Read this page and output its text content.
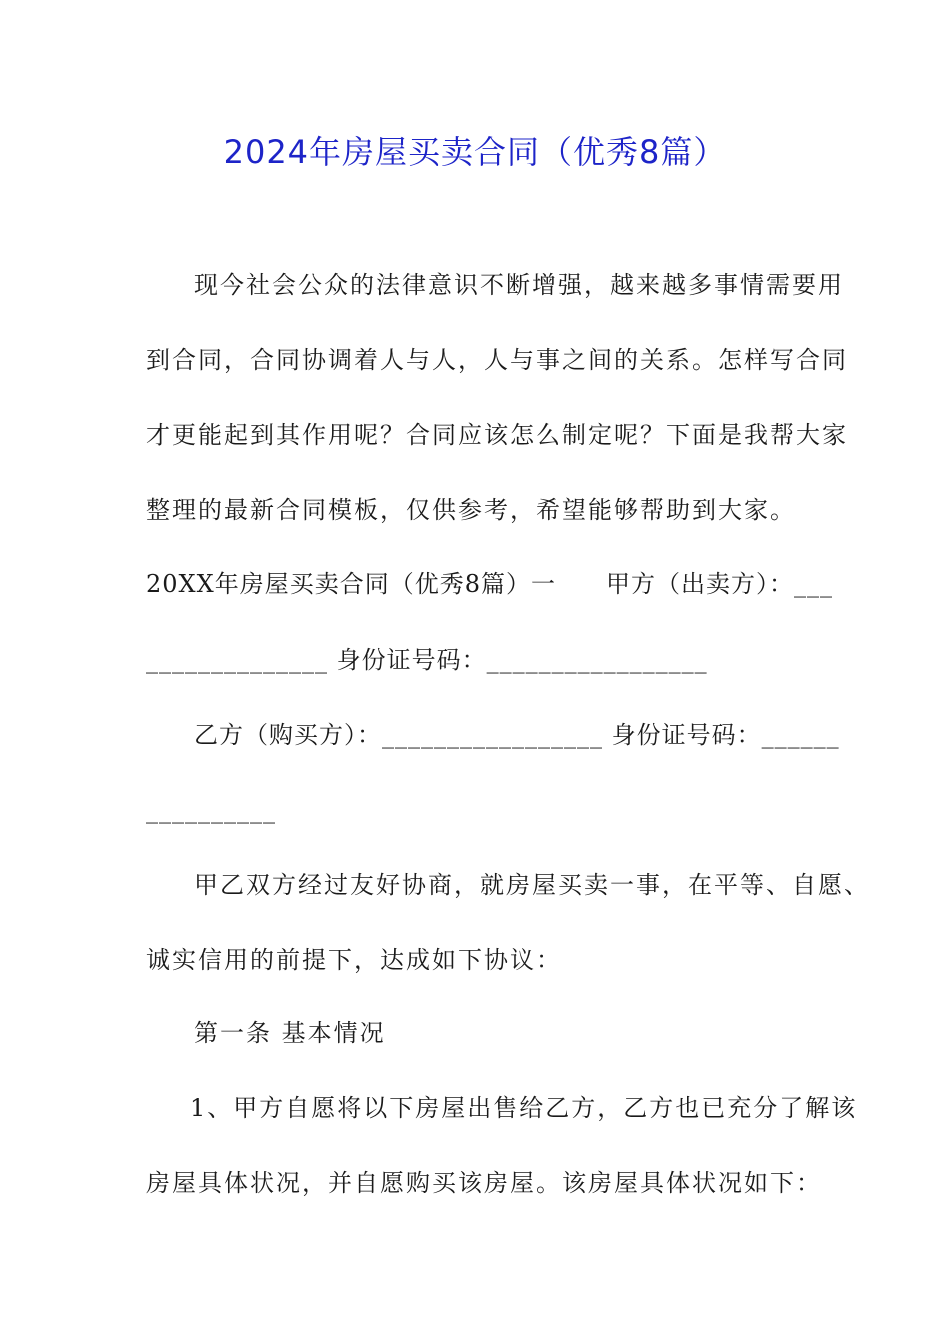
2024年房屋买卖合同（优秀8篇）
现今社会公众的法律意识不断增强，越来越多事情需要用
到合同，合同协调着人与人，人与事之间的关系。怎样写合同
才更能起到其作用呢？合同应该怎么制定呢？下面是我帮大家
整理的最新合同模板，仅供参考，希望能够帮助到大家。
20XX年房屋买卖合同（优秀8篇）一　　甲方（出卖方）：___
______________ 身份证号码：_________________
乙方（购买方）：_________________ 身份证号码：______
__________
甲乙双方经过友好协商，就房屋买卖一事，在平等、自愿、
诚实信用的前提下，达成如下协议：
第一条 基本情况
1、甲方自愿将以下房屋出售给乙方，乙方也已充分了解该
房屋具体状况，并自愿购买该房屋。该房屋具体状况如下：
